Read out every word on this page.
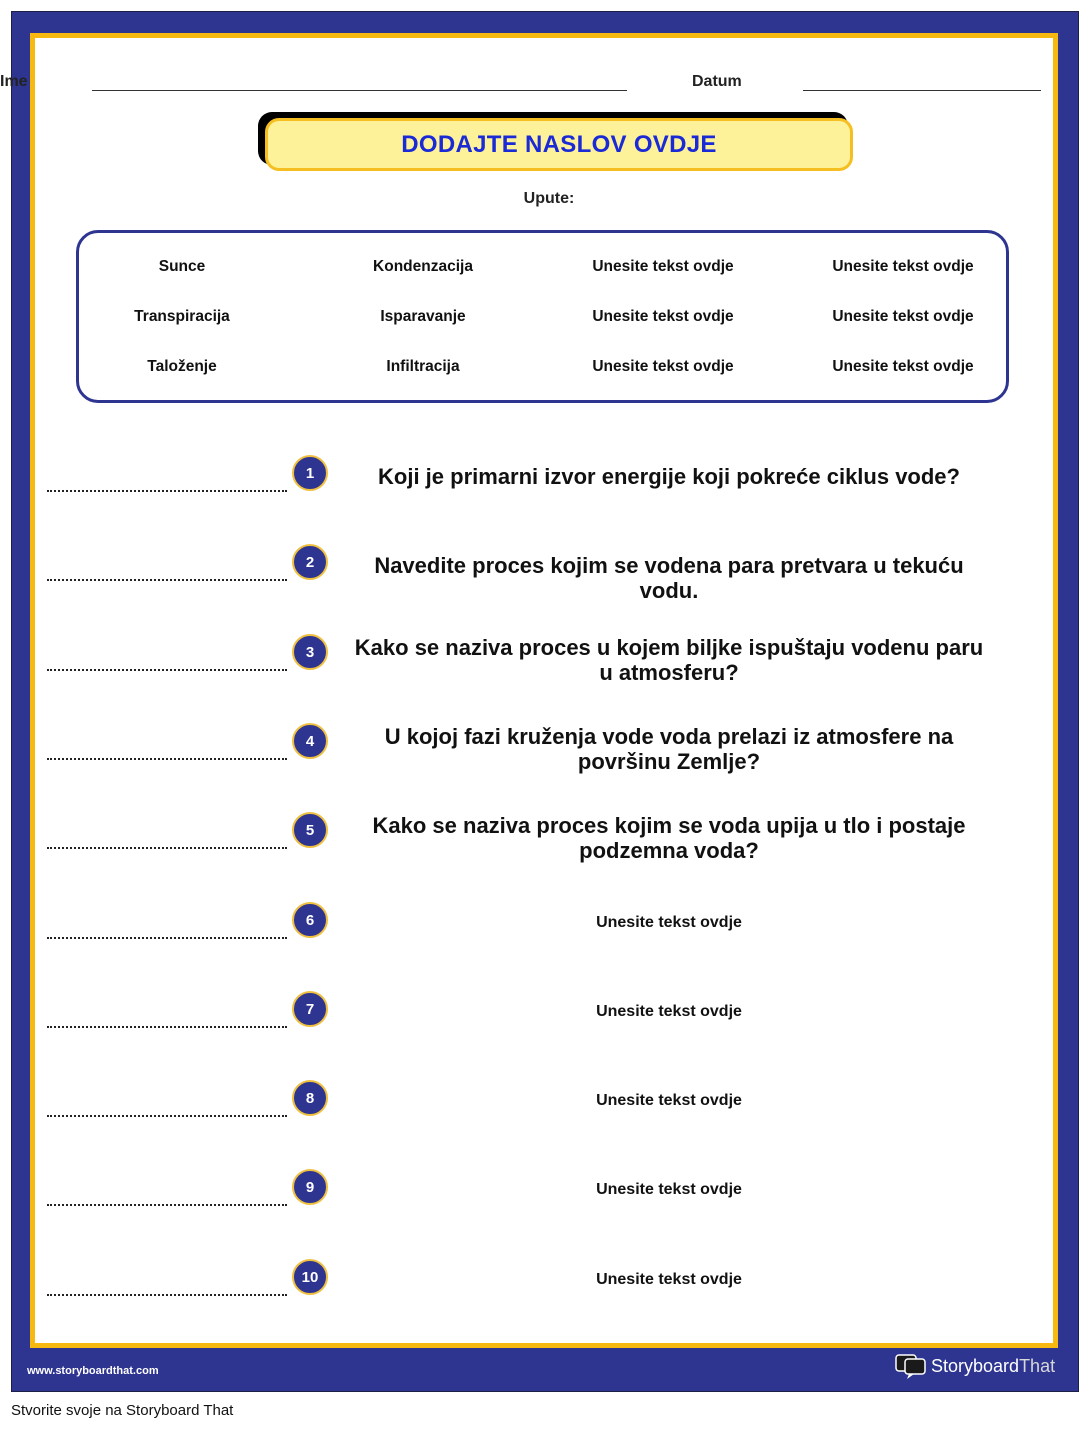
Ime	Datum
DODAJTE NASLOV OVDJE
Upute:
Sunce	Kondenzacija	Unesite tekst ovdje	Unesite tekst ovdje
Transpiracija	Isparavanje	Unesite tekst ovdje	Unesite tekst ovdje
Taloženje	Infiltracija	Unesite tekst ovdje	Unesite tekst ovdje
1	Koji je primarni izvor energije koji pokreće ciklus vode?
2	Navedite proces kojim se vodena para pretvara u tekuću vodu.
3	Kako se naziva proces u kojem biljke ispuštaju vodenu paru u atmosferu?
4	U kojoj fazi kruženja vode voda prelazi iz atmosfere na površinu Zemlje?
5	Kako se naziva proces kojim se voda upija u tlo i postaje podzemna voda?
6	Unesite tekst ovdje
7	Unesite tekst ovdje
8	Unesite tekst ovdje
9	Unesite tekst ovdje
10	Unesite tekst ovdje
www.storyboardthat.com	StoryboardThat
Stvorite svoje na Storyboard That
